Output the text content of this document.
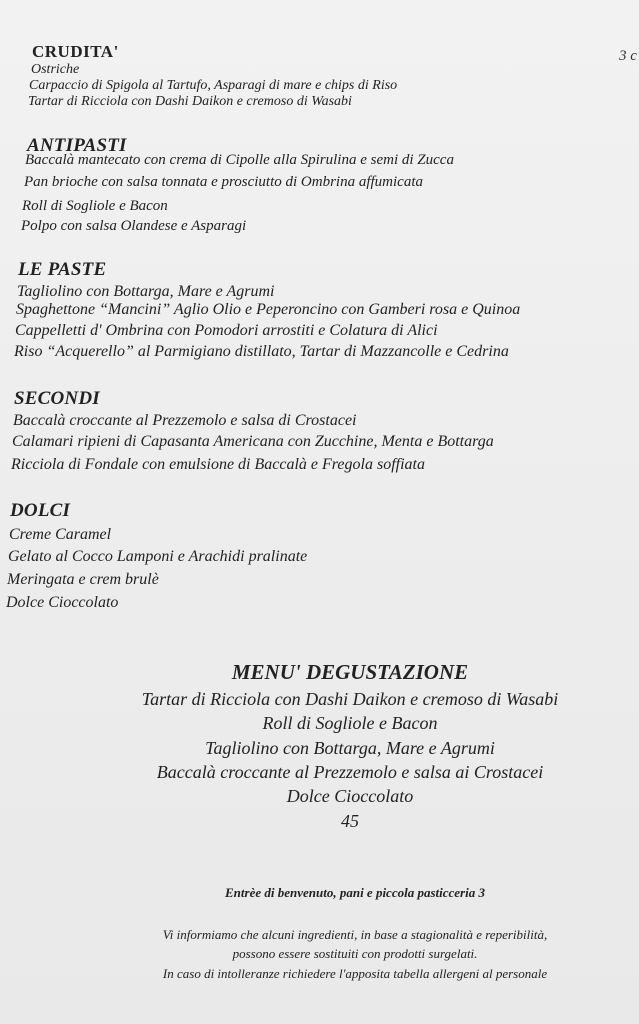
3 c
CRUDITA'
Ostriche
Carpaccio di Spigola al Tartufo, Asparagi di mare e chips di Riso
Tartar di Ricciola con Dashi Daikon e cremoso di Wasabi
ANTIPASTI
Baccalà mantecato con crema di Cipolle alla Spirulina e semi di Zucca
Pan brioche con salsa tonnata e prosciutto di Ombrina affumicata
Roll di Sogliole e Bacon
Polpo con salsa Olandese e Asparagi
LE PASTE
Tagliolino con Bottarga, Mare e Agrumi
Spaghettone “Mancini” Aglio Olio e Peperoncino con Gamberi rosa e Quinoa
Cappelletti d' Ombrina con Pomodori arrostiti e Colatura di Alici
Riso “Acquerello” al Parmigiano distillato, Tartar di Mazzancolle e Cedrina
SECONDI
Baccalà croccante al Prezzemolo e salsa di Crostacei
Calamari ripieni di Capasanta Americana con Zucchine, Menta e Bottarga
Ricciola di Fondale con emulsione di Baccalà e Fregola soffiata
DOLCI
Creme Caramel
Gelato al Cocco Lamponi e Arachidi pralinate
Meringata e crem brulè
Dolce Cioccolato
MENU' DEGUSTAZIONE
Tartar di Ricciola con Dashi Daikon e cremoso di Wasabi
Roll di Sogliole e Bacon
Tagliolino con Bottarga, Mare e Agrumi
Baccalà croccante al Prezzemolo e salsa ai Crostacei
Dolce Cioccolato
45
Entrèe di benvenuto, pani e piccola pasticceria 3
Vi informiamo che alcuni ingredienti, in base a stagionalità e reperibilità,
possono essere sostituiti con prodotti surgelati.
In caso di intolleranze richiedere l'apposita tabella allergeni al personale
